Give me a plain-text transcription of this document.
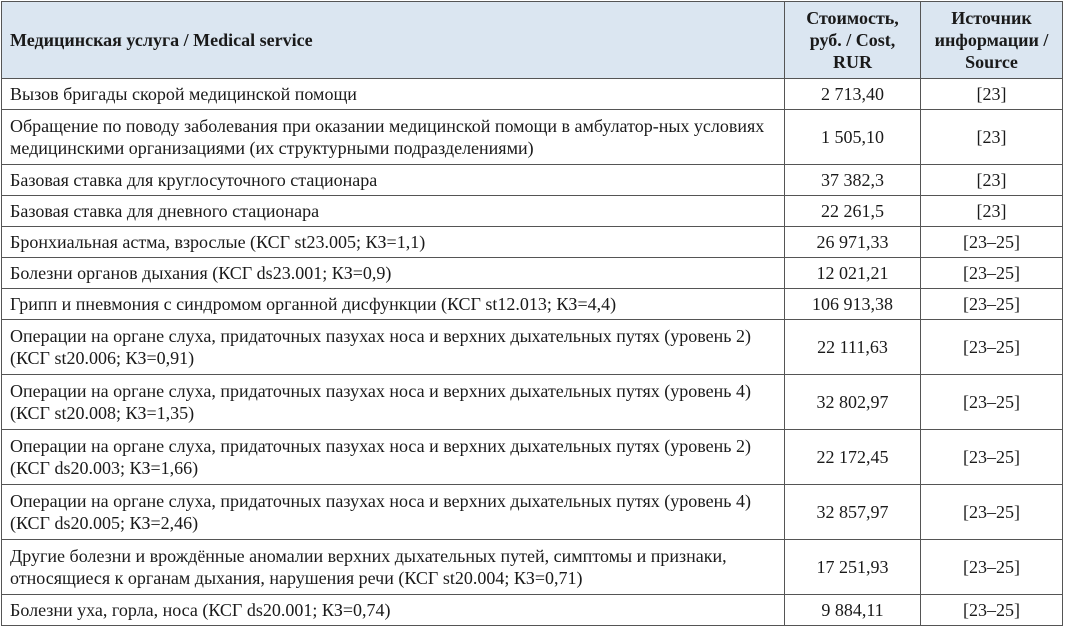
Медицинская услуга / Medical service	Стоимость, руб. / Cost, RUR	Источник информации / Source
Вызов бригады скорой медицинской помощи	2 713,40	[23]
Обращение по поводу заболевания при оказании медицинской помощи в амбулатор-ных условиях медицинскими организациями (их структурными подразделениями)	1 505,10	[23]
Базовая ставка для круглосуточного стационара	37 382,3	[23]
Базовая ставка для дневного стационара	22 261,5	[23]
Бронхиальная астма, взрослые (КСГ st23.005; КЗ=1,1)	26 971,33	[23–25]
Болезни органов дыхания (КСГ ds23.001; КЗ=0,9)	12 021,21	[23–25]
Грипп и пневмония с синдромом органной дисфункции (КСГ st12.013; КЗ=4,4)	106 913,38	[23–25]
Операции на органе слуха, придаточных пазухах носа и верхних дыхательных путях (уровень 2) (КСГ st20.006; КЗ=0,91)	22 111,63	[23–25]
Операции на органе слуха, придаточных пазухах носа и верхних дыхательных путях (уровень 4) (КСГ st20.008; КЗ=1,35)	32 802,97	[23–25]
Операции на органе слуха, придаточных пазухах носа и верхних дыхательных путях (уровень 2) (КСГ ds20.003; КЗ=1,66)	22 172,45	[23–25]
Операции на органе слуха, придаточных пазухах носа и верхних дыхательных путях (уровень 4) (КСГ ds20.005; КЗ=2,46)	32 857,97	[23–25]
Другие болезни и врождённые аномалии верхних дыхательных путей, симптомы и признаки, относящиеся к органам дыхания, нарушения речи (КСГ st20.004; КЗ=0,71)	17 251,93	[23–25]
Болезни уха, горла, носа (КСГ ds20.001; КЗ=0,74)	9 884,11	[23–25]
